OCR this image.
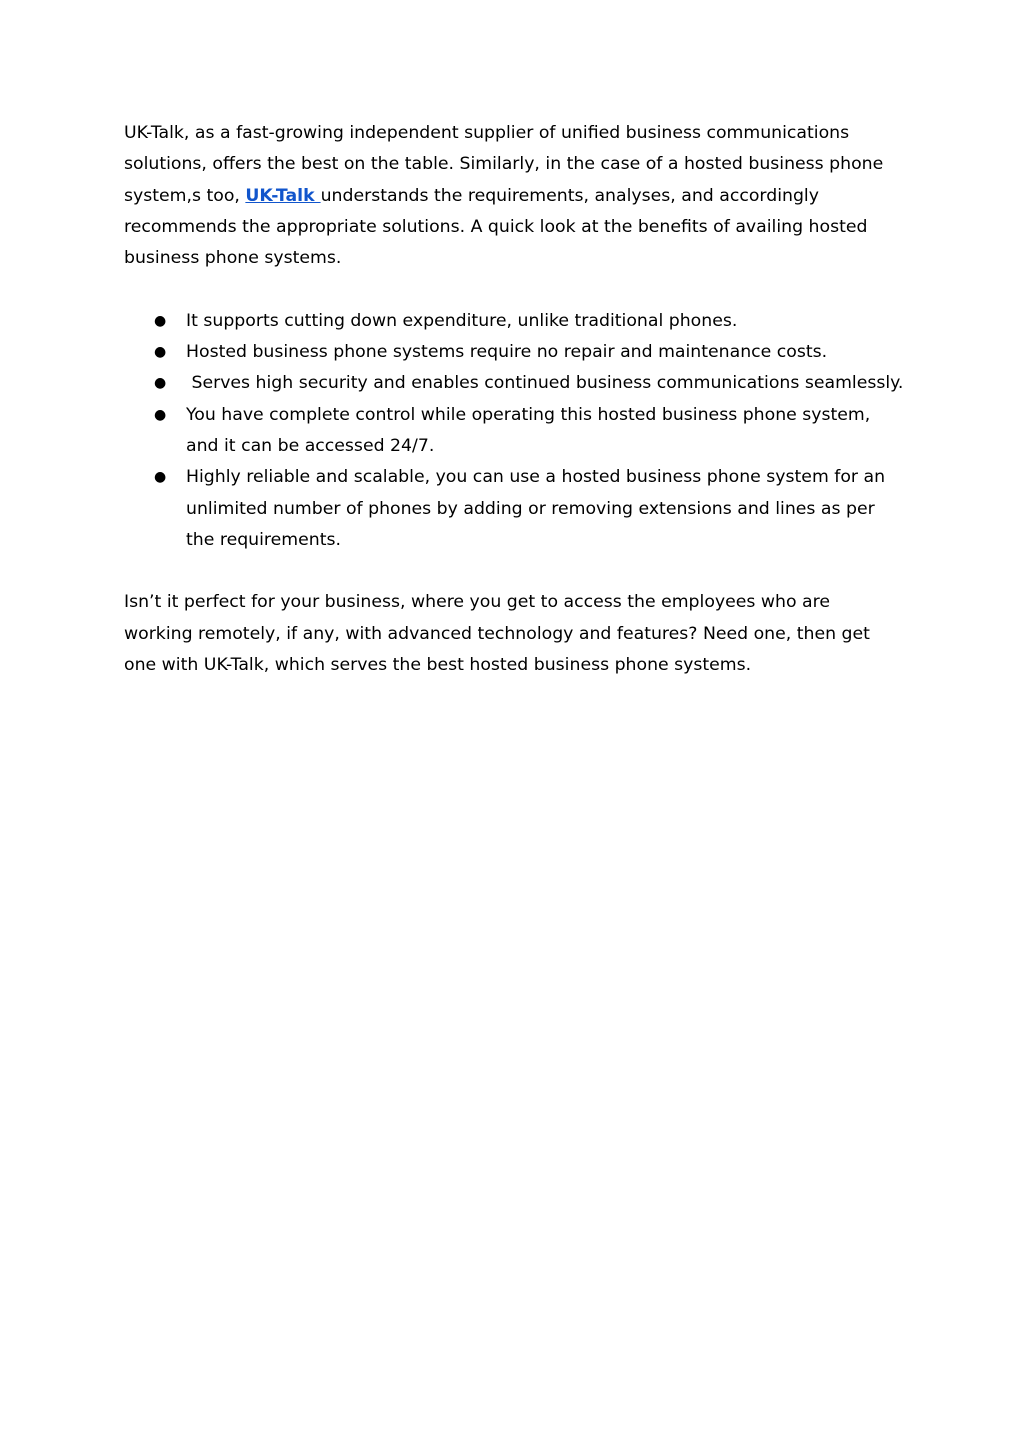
UK-Talk, as a fast-growing independent supplier of unified business communications
solutions, offers the best on the table. Similarly, in the case of a hosted business phone
system,s too, UK-Talk understands the requirements, analyses, and accordingly
recommends the appropriate solutions. A quick look at the benefits of availing hosted
business phone systems.

● It supports cutting down expenditure, unlike traditional phones.
● Hosted business phone systems require no repair and maintenance costs.
● Serves high security and enables continued business communications seamlessly.
● You have complete control while operating this hosted business phone system,
and it can be accessed 24/7.
● Highly reliable and scalable, you can use a hosted business phone system for an
unlimited number of phones by adding or removing extensions and lines as per
the requirements.

Isn’t it perfect for your business, where you get to access the employees who are
working remotely, if any, with advanced technology and features? Need one, then get
one with UK-Talk, which serves the best hosted business phone systems.
